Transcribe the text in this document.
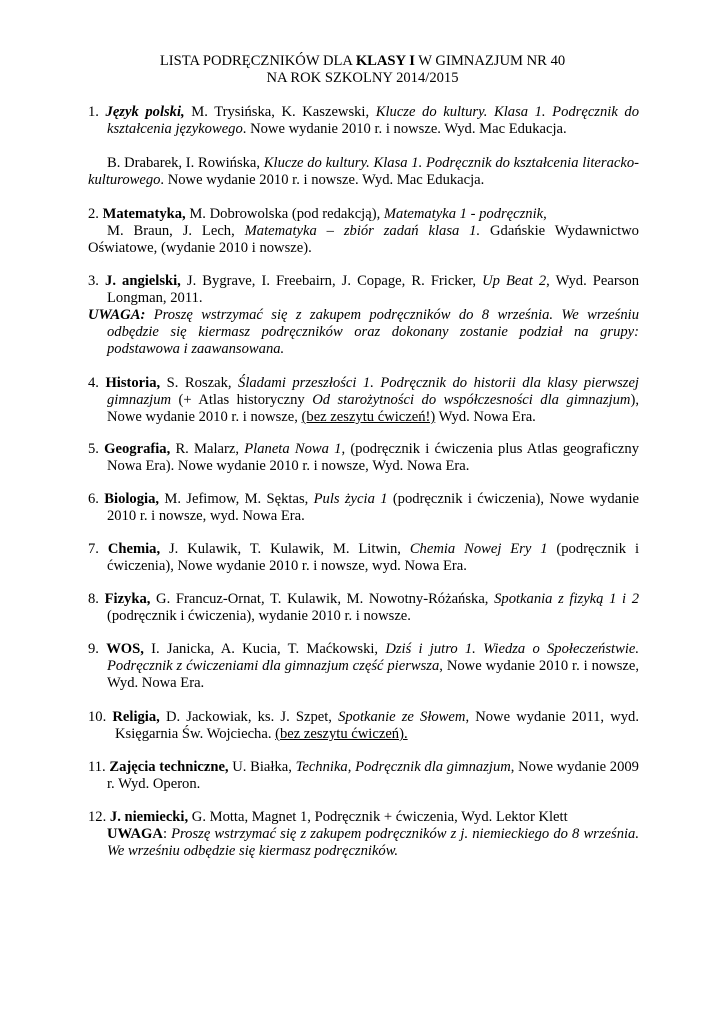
LISTA PODRĘCZNIKÓW DLA KLASY I W GIMNAZJUM NR 40
NA ROK SZKOLNY 2014/2015
1. Język polski, M. Trysińska, K. Kaszewski, Klucze do kultury. Klasa 1. Podręcznik do kształcenia językowego. Nowe wydanie 2010 r. i nowsze. Wyd. Mac Edukacja.
B. Drabarek, I. Rowińska, Klucze do kultury. Klasa 1. Podręcznik do kształcenia literacko-kulturowego. Nowe wydanie 2010 r. i nowsze. Wyd. Mac Edukacja.
2. Matematyka, M. Dobrowolska (pod redakcją), Matematyka 1 - podręcznik,
M. Braun, J. Lech, Matematyka – zbiór zadań klasa 1. Gdańskie Wydawnictwo Oświatowe, (wydanie 2010 i nowsze).
3. J. angielski, J. Bygrave, I. Freebairn, J. Copage, R. Fricker, Up Beat 2, Wyd. Pearson Longman, 2011.
UWAGA: Proszę wstrzymać się z zakupem podręczników do 8 września. We wrześniu odbędzie się kiermasz podręczników oraz dokonany zostanie podział na grupy: podstawowa i zaawansowana.
4. Historia, S. Roszak, Śladami przeszłości 1. Podręcznik do historii dla klasy pierwszej gimnazjum (+ Atlas historyczny Od starożytności do współczesności dla gimnazjum), Nowe wydanie 2010 r. i nowsze, (bez zeszytu ćwiczeń!) Wyd. Nowa Era.
5. Geografia, R. Malarz, Planeta Nowa 1, (podręcznik i ćwiczenia plus Atlas geograficzny Nowa Era). Nowe wydanie 2010 r. i nowsze, Wyd. Nowa Era.
6. Biologia, M. Jefimow, M. Sęktas, Puls życia 1 (podręcznik i ćwiczenia), Nowe wydanie 2010 r. i nowsze, wyd. Nowa Era.
7. Chemia, J. Kulawik, T. Kulawik, M. Litwin, Chemia Nowej Ery 1 (podręcznik i ćwiczenia), Nowe wydanie 2010 r. i nowsze, wyd. Nowa Era.
8. Fizyka, G. Francuz-Ornat, T. Kulawik, M. Nowotny-Różańska, Spotkania z fizyką 1 i 2 (podręcznik i ćwiczenia), wydanie 2010 r. i nowsze.
9. WOS, I. Janicka, A. Kucia, T. Maćkowski, Dziś i jutro 1. Wiedza o Społeczeństwie. Podręcznik z ćwiczeniami dla gimnazjum część pierwsza, Nowe wydanie 2010 r. i nowsze, Wyd. Nowa Era.
10. Religia, D. Jackowiak, ks. J. Szpet, Spotkanie ze Słowem, Nowe wydanie 2011, wyd. Księgarnia Św. Wojciecha. (bez zeszytu ćwiczeń).
11. Zajęcia techniczne, U. Białka, Technika, Podręcznik dla gimnazjum, Nowe wydanie 2009 r. Wyd. Operon.
12. J. niemiecki, G. Motta, Magnet 1, Podręcznik + ćwiczenia, Wyd. Lektor Klett
UWAGA: Proszę wstrzymać się z zakupem podręczników z j. niemieckiego do 8 września. We wrześniu odbędzie się kiermasz podręczników.
